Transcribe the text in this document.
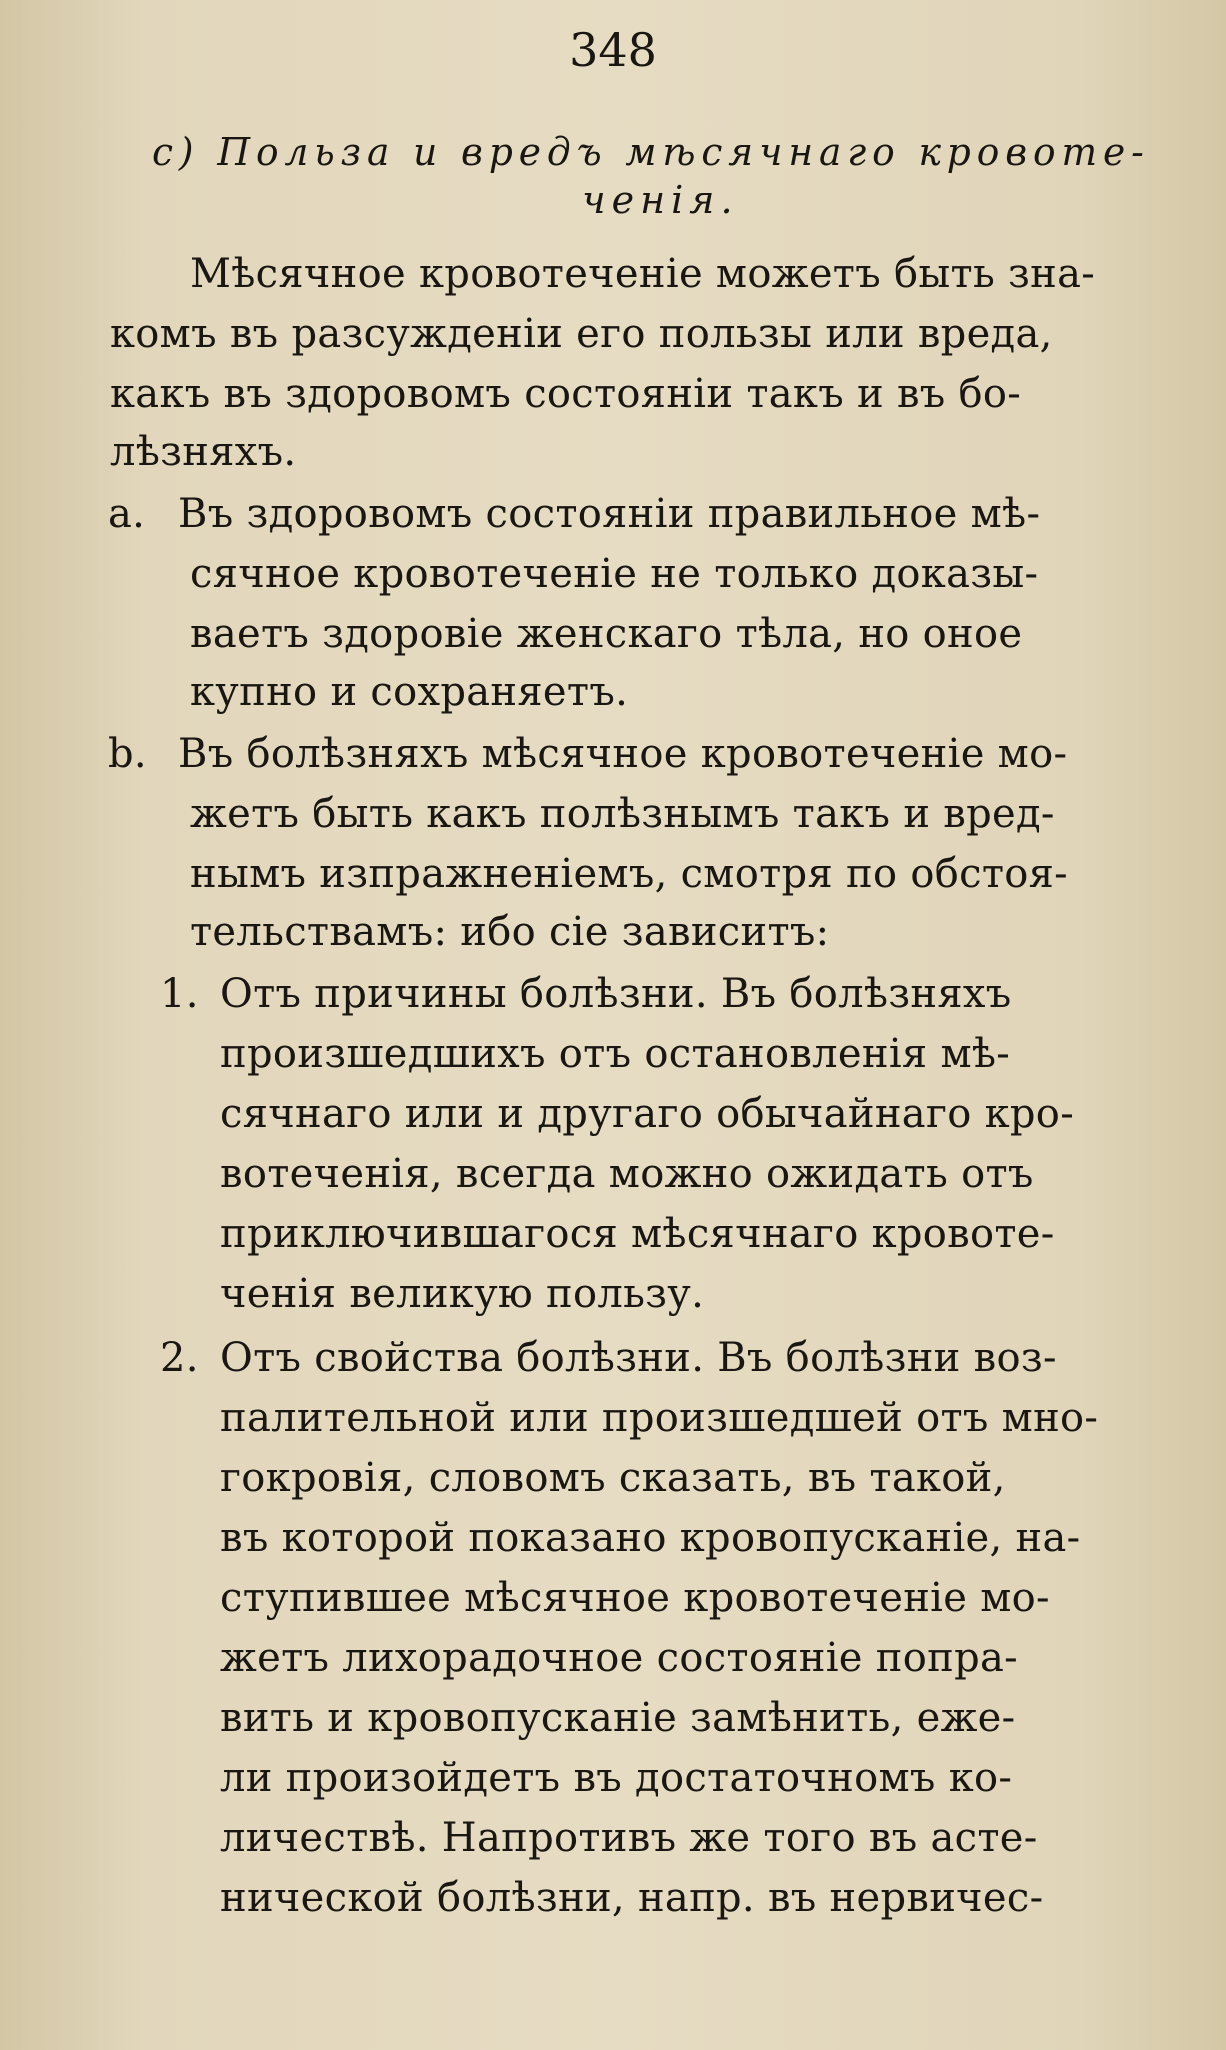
348
c) Польза и вредъ мѣсячнаго кровоте-
ченія.
Мѣсячное кровотеченіе можетъ быть зна-
комъ въ разсужденіи его пользы или вреда,
какъ въ здоровомъ состояніи такъ и въ бо-
лѣзняхъ.
a. Въ здоровомъ состояніи правильное мѣ-
сячное кровотеченіе не только доказы-
ваетъ здоровіе женскаго тѣла, но оное
купно и сохраняетъ.
b. Въ болѣзняхъ мѣсячное кровотеченіе мо-
жетъ быть какъ полѣзнымъ такъ и вред-
нымъ изпражненіемъ, смотря по обстоя-
тельствамъ: ибо сіе зависитъ:
1. Отъ причины болѣзни. Въ болѣзняхъ
произшедшихъ отъ остановленія мѣ-
сячнаго или и другаго обычайнаго кро-
вотеченія, всегда можно ожидать отъ
приключившагося мѣсячнаго кровоте-
ченія великую пользу.
2. Отъ свойства болѣзни. Въ болѣзни воз-
палительной или произшедшей отъ мно-
гокровія, словомъ сказать, въ такой,
въ которой показано кровопусканіе, на-
ступившее мѣсячное кровотеченіе мо-
жетъ лихорадочное состояніе попра-
вить и кровопусканіе замѣнить, еже-
ли произойдетъ въ достаточномъ ко-
личествѣ. Напротивъ же того въ асте-
нической болѣзни, напр. въ нервичес-
